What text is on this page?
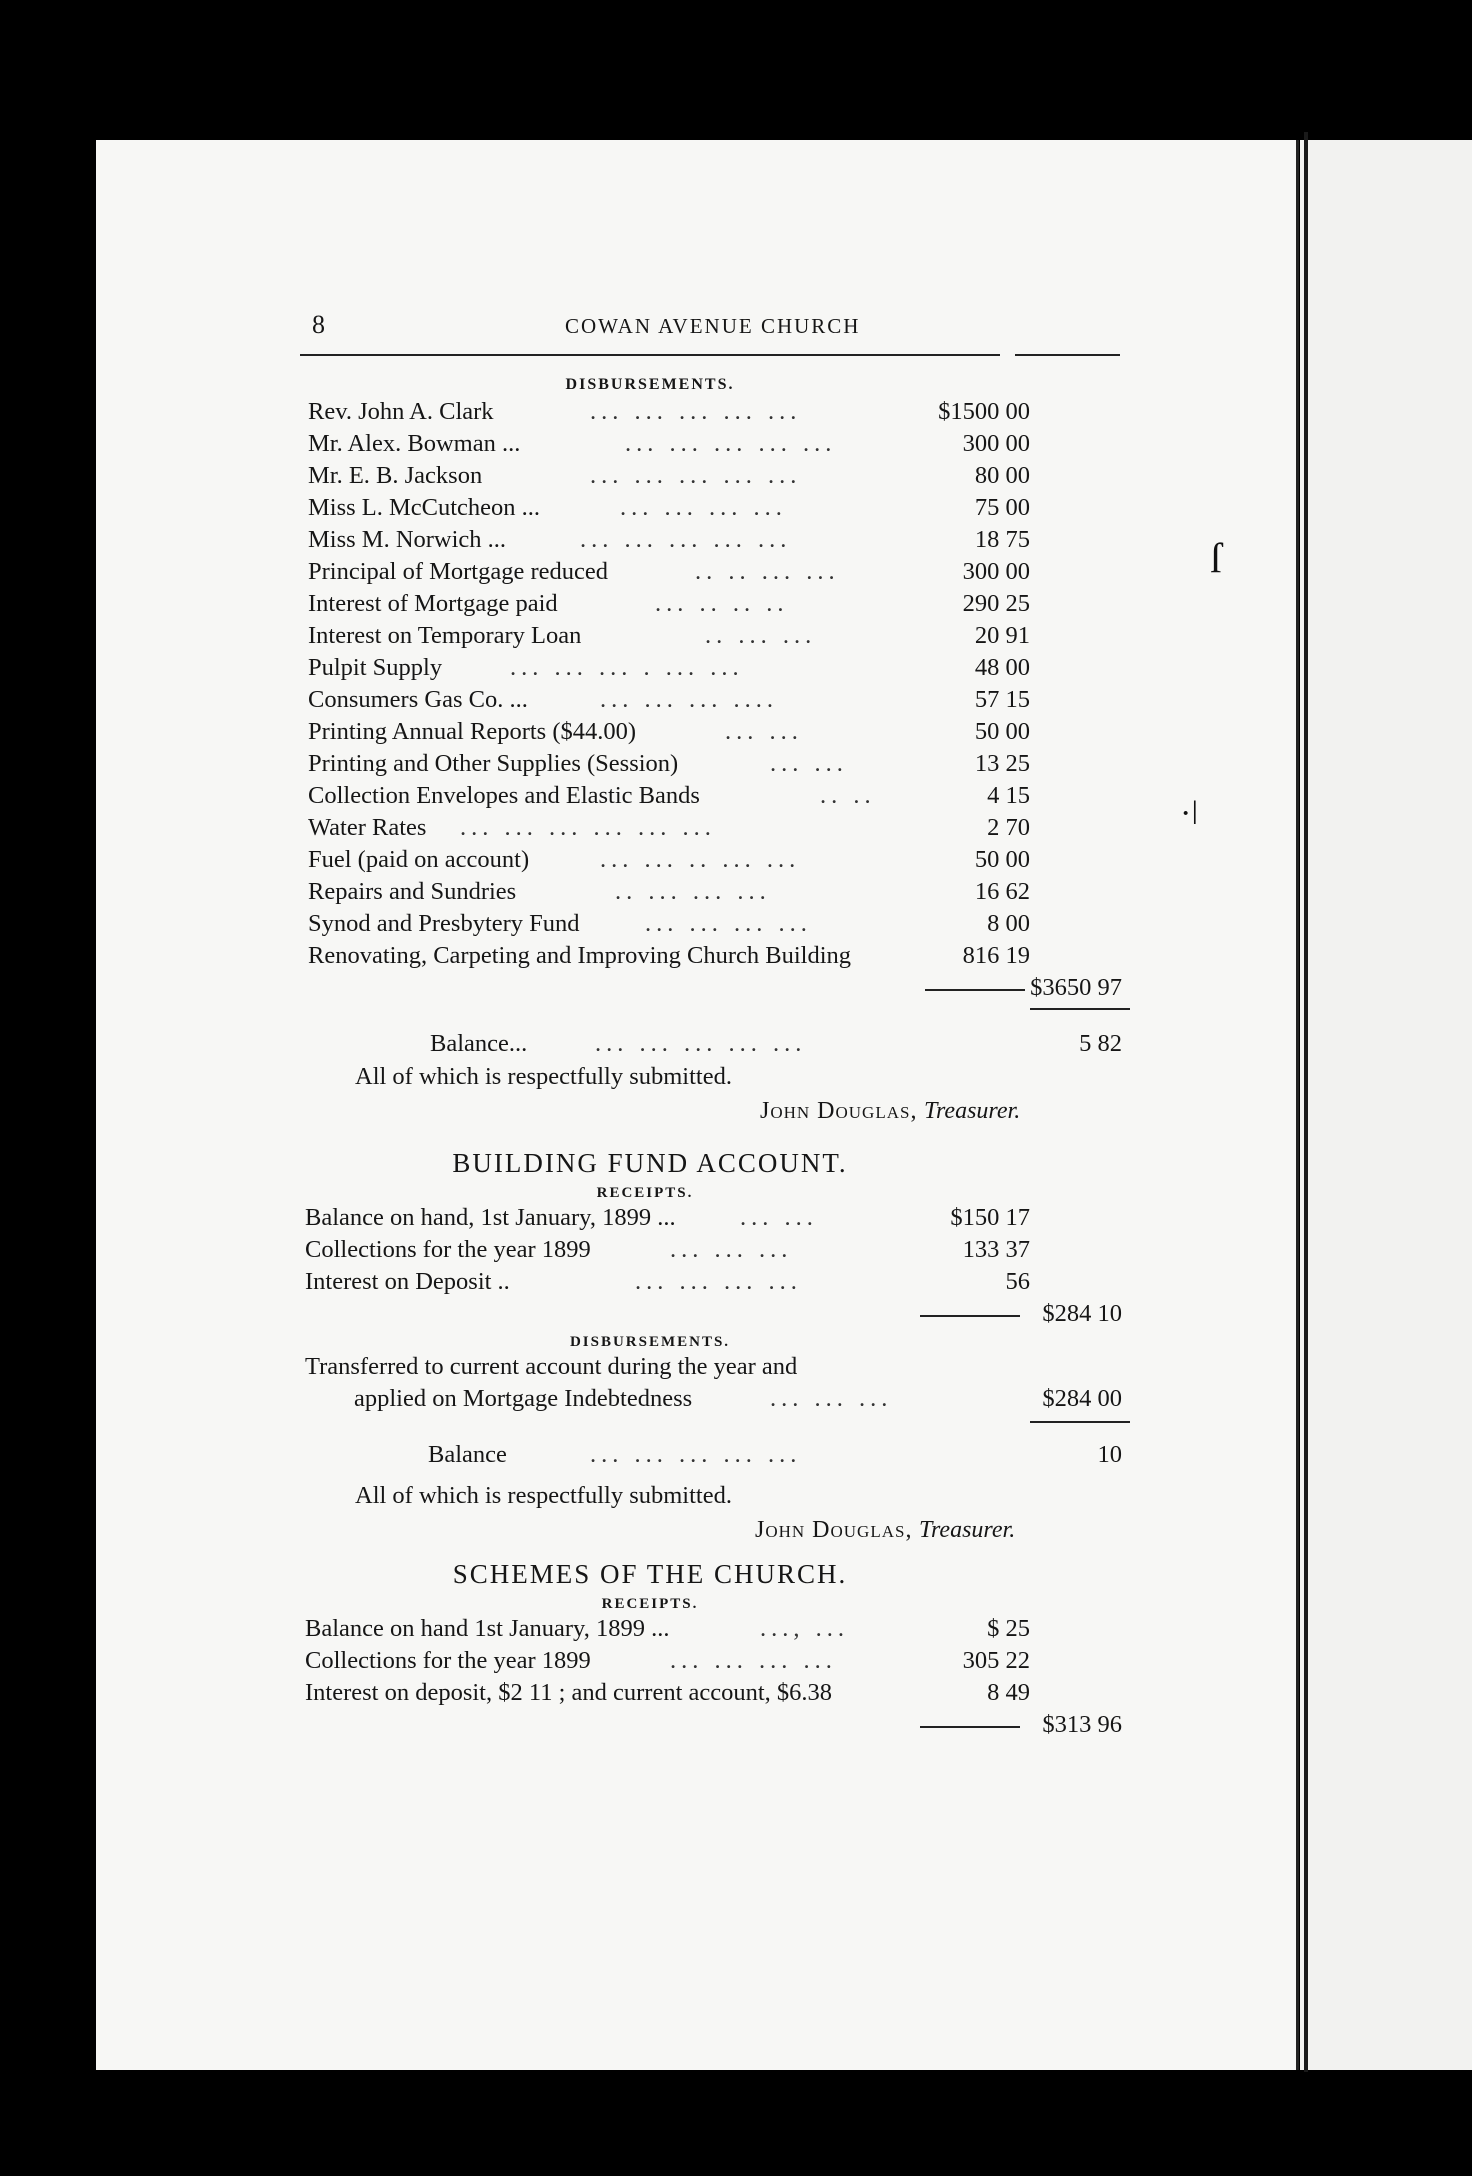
ſ
·ǀ
8	COWAN AVENUE CHURCH
DISBURSEMENTS.
Rev. John A. Clark	... ... ... ... ...	$1500 00
Mr. Alex. Bowman ...	... ... ... ... ...	300 00
Mr. E. B. Jackson	... ... ... ... ...	80 00
Miss L. McCutcheon ...	... ... ... ...	75 00
Miss M. Norwich ...	... ... ... ... ...	18 75
Principal of Mortgage reduced	.. .. ... ...	300 00
Interest of Mortgage paid	... .. .. ..	290 25
Interest on Temporary Loan	.. ... ...	20 91
Pulpit Supply	... ... ... . ... ...	48 00
Consumers Gas Co. ...	... ... ... ....	57 15
Printing Annual Reports ($44.00)	... ...	50 00
Printing and Other Supplies (Session)	... ...	13 25
Collection Envelopes and Elastic Bands	.. ..	4 15
Water Rates ... ... ... ... ... ...	2 70
Fuel (paid on account)	... ... .. ... ...	50 00
Repairs and Sundries	.. ... ... ...	16 62
Synod and Presbytery Fund	... ... ... ...	8 00
Renovating, Carpeting and Improving Church Building	816 19
$3650 97
Balance...	... ... ... ... ...	5 82
All of which is respectfully submitted.
John Douglas, Treasurer.
BUILDING FUND ACCOUNT.
RECEIPTS.
Balance on hand, 1st January, 1899 ...	... ...	$150 17
Collections for the year 1899	... ... ...	133 37
Interest on Deposit ..	... ... ... ...	56
$284 10
DISBURSEMENTS.
Transferred to current account during the year and
applied on Mortgage Indebtedness	... ... ...	$284 00
Balance	... ... ... ... ...	10
All of which is respectfully submitted.
John Douglas, Treasurer.
SCHEMES OF THE CHURCH.
RECEIPTS.
Balance on hand 1st January, 1899 ...	..., ...	$ 25
Collections for the year 1899	... ... ... ...	305 22
Interest on deposit, $2 11 ; and current account, $6.38	8 49
$313 96
